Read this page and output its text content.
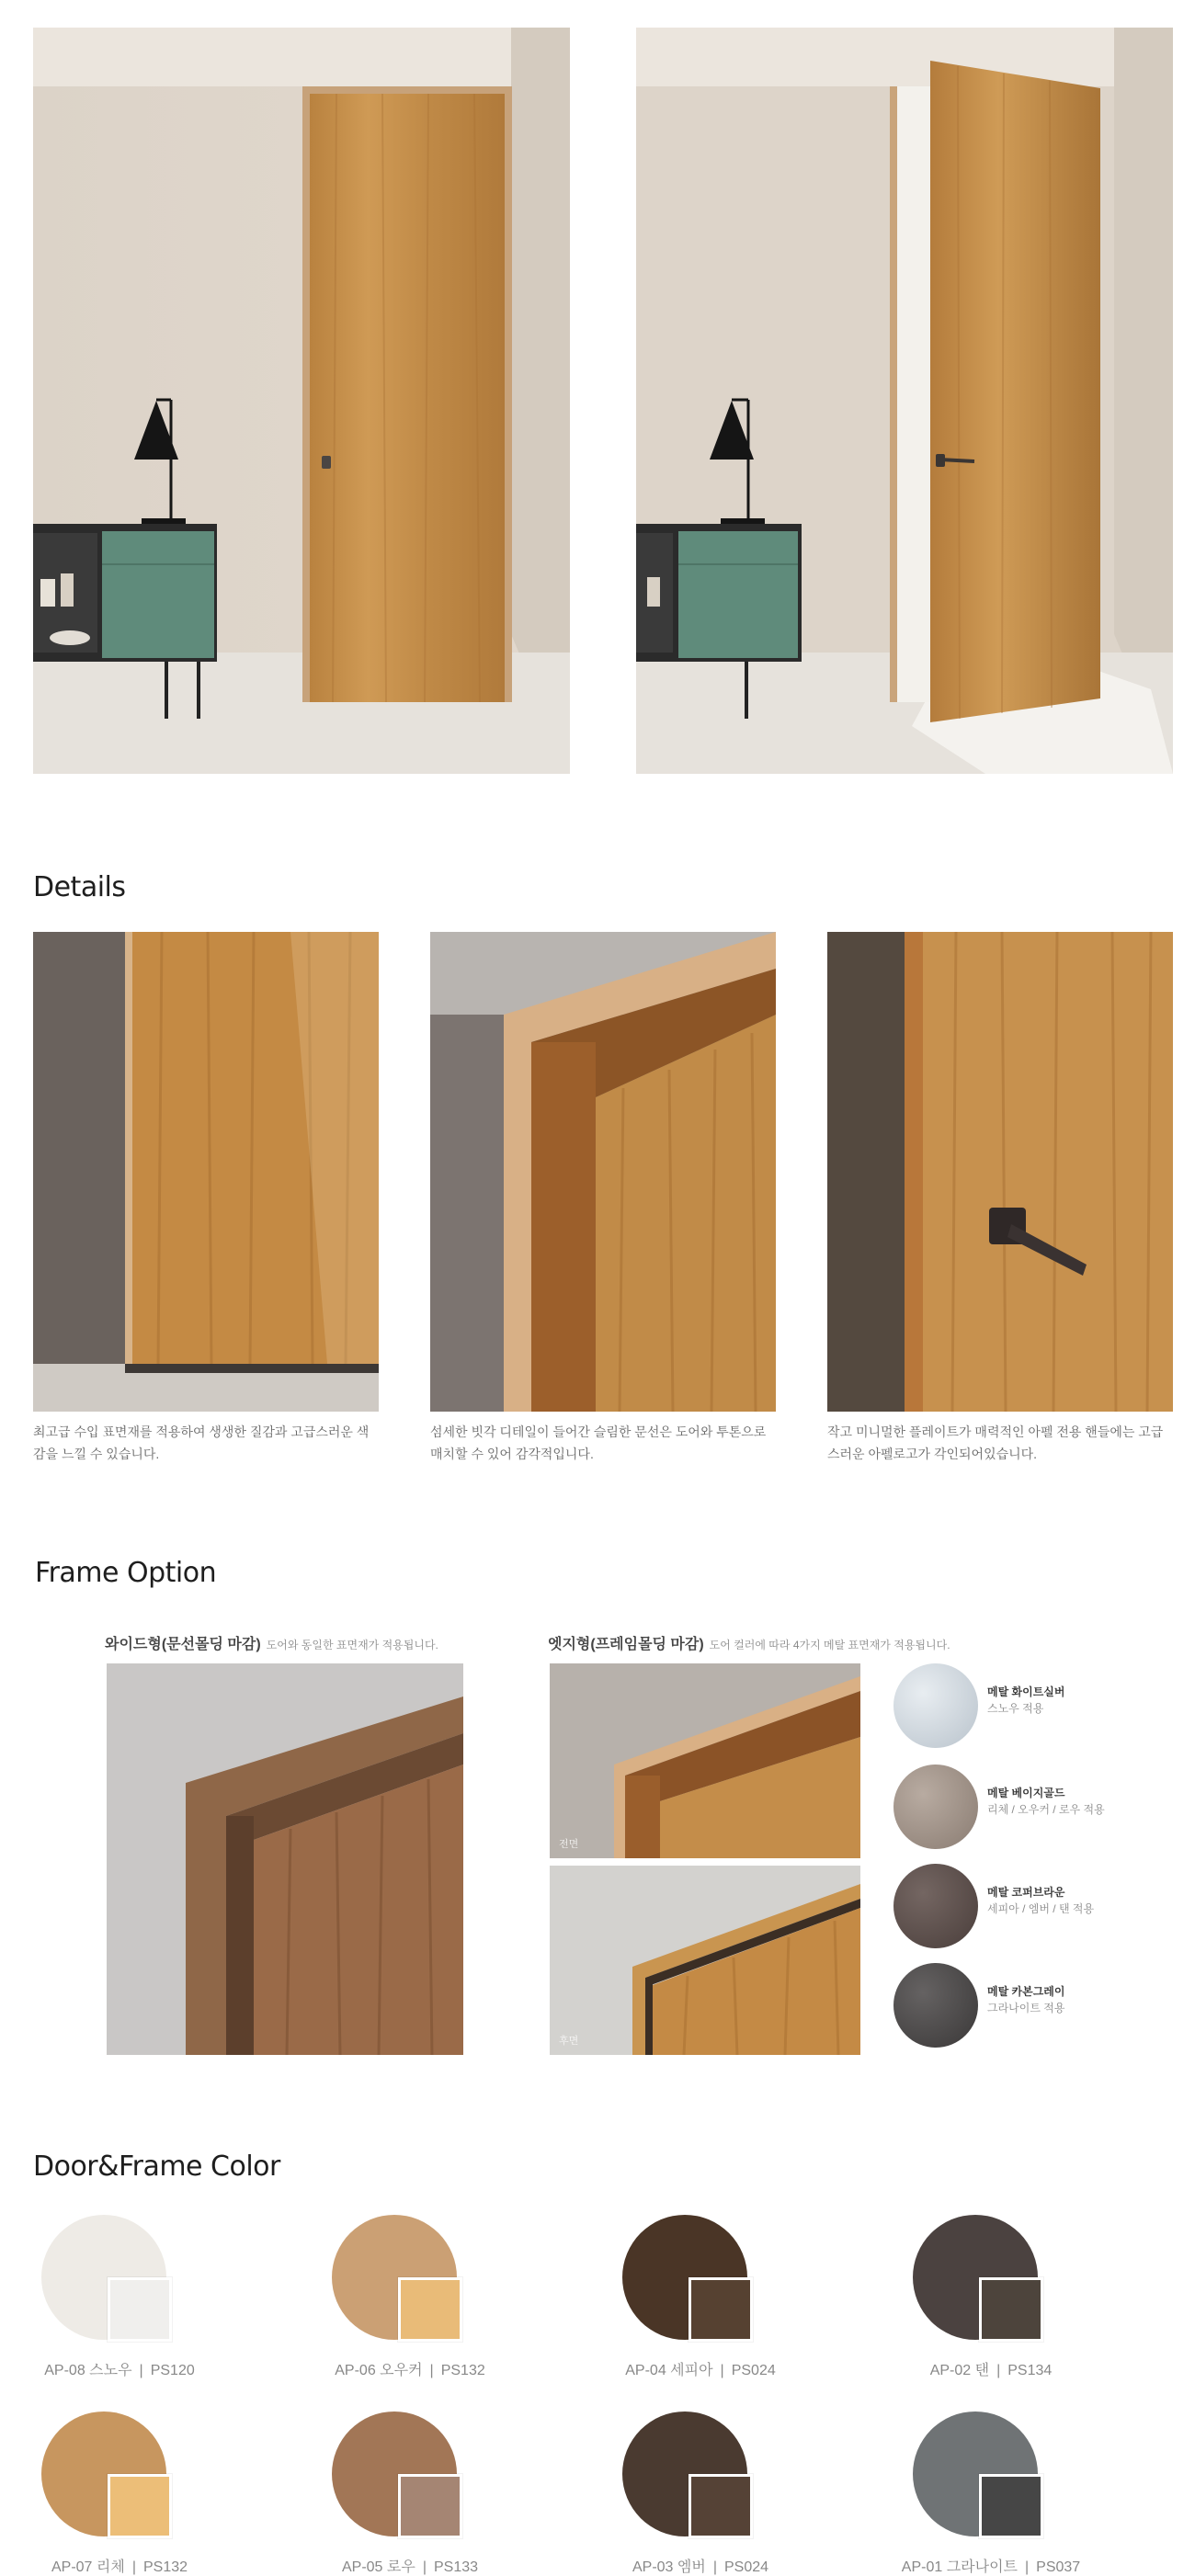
Details

최고급 수입 표면재를 적용하여 생생한 질감과 고급스러운 색감을 느낄 수 있습니다.

섬세한 빗각 디테일이 들어간 슬림한 문선은 도어와 투톤으로 매치할 수 있어 감각적입니다.

작고 미니멀한 플레이트가 매력적인 아펠 전용 핸들에는 고급스러운 아펠로고가 각인되어있습니다.

Frame Option
와이드형(문선몰딩 마감) 도어와 동일한 표면재가 적용됩니다.	엣지형(프레임몰딩 마감) 도어 컬러에 따라 4가지 메탈 표면재가 적용됩니다.
전면
후면
메탈 화이트실버
스노우 적용
메탈 베이지골드
리체 / 오우커 / 로우 적용
메탈 코퍼브라운
세피아 / 엠버 / 탠 적용
메탈 카본그레이
그라나이트 적용
Door&Frame Color
AP-08 스노우 | PS120	AP-06 오우커 | PS132	AP-04 세피아 | PS024	AP-02 탠 | PS134
AP-07 리체 | PS132	AP-05 로우 | PS133	AP-03 엠버 | PS024	AP-01 그라나이트 | PS037
